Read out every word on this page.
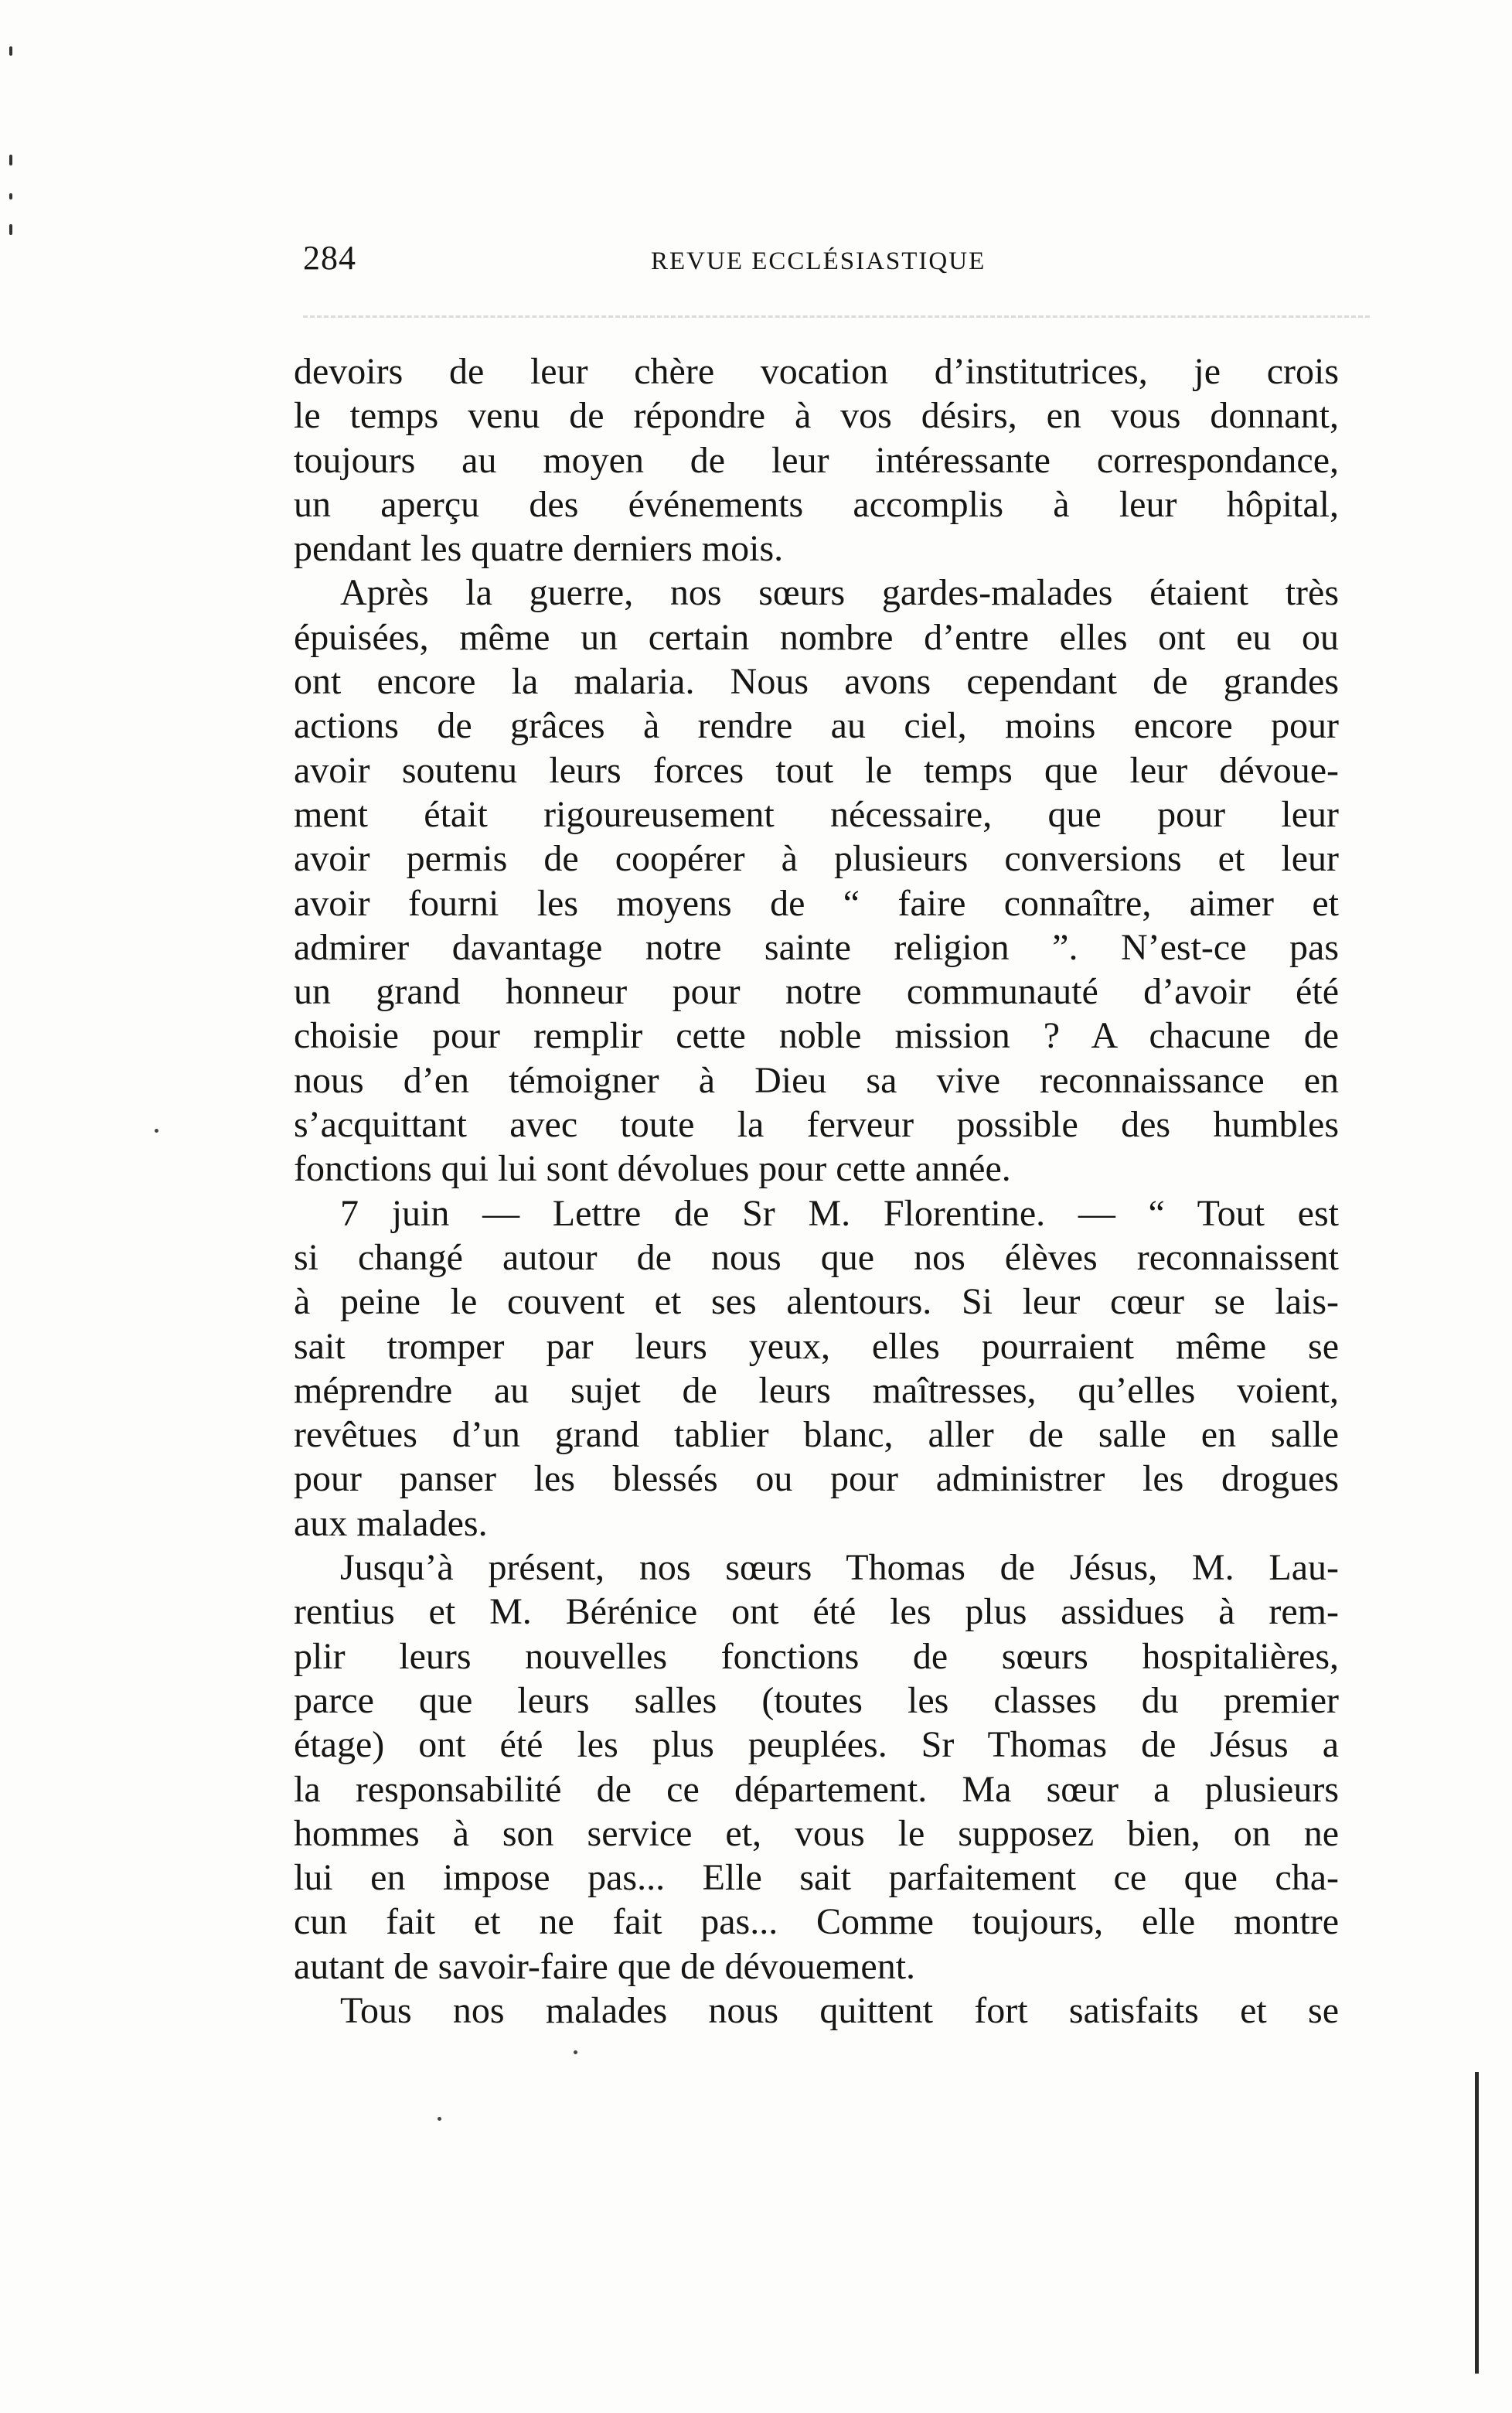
284	REVUE ECCLÉSIASTIQUE
devoirs de leur chère vocation d’institutrices, je crois
le temps venu de répondre à vos désirs, en vous donnant,
toujours au moyen de leur intéressante correspondance,
un aperçu des événements accomplis à leur hôpital,
pendant les quatre derniers mois.
Après la guerre, nos sœurs gardes-malades étaient très
épuisées, même un certain nombre d’entre elles ont eu ou
ont encore la malaria. Nous avons cependant de grandes
actions de grâces à rendre au ciel, moins encore pour
avoir soutenu leurs forces tout le temps que leur dévoue-
ment était rigoureusement nécessaire, que pour leur
avoir permis de coopérer à plusieurs conversions et leur
avoir fourni les moyens de “ faire connaître, aimer et
admirer davantage notre sainte religion ”. N’est-ce pas
un grand honneur pour notre communauté d’avoir été
choisie pour remplir cette noble mission ? A chacune de
nous d’en témoigner à Dieu sa vive reconnaissance en
s’acquittant avec toute la ferveur possible des humbles
fonctions qui lui sont dévolues pour cette année.
7 juin — Lettre de Sr M. Florentine. — “ Tout est
si changé autour de nous que nos élèves reconnaissent
à peine le couvent et ses alentours. Si leur cœur se lais-
sait tromper par leurs yeux, elles pourraient même se
méprendre au sujet de leurs maîtresses, qu’elles voient,
revêtues d’un grand tablier blanc, aller de salle en salle
pour panser les blessés ou pour administrer les drogues
aux malades.
Jusqu’à présent, nos sœurs Thomas de Jésus, M. Lau-
rentius et M. Bérénice ont été les plus assidues à rem-
plir leurs nouvelles fonctions de sœurs hospitalières,
parce que leurs salles (toutes les classes du premier
étage) ont été les plus peuplées. Sr Thomas de Jésus a
la responsabilité de ce département. Ma sœur a plusieurs
hommes à son service et, vous le supposez bien, on ne
lui en impose pas... Elle sait parfaitement ce que cha-
cun fait et ne fait pas... Comme toujours, elle montre
autant de savoir-faire que de dévouement.
Tous nos malades nous quittent fort satisfaits et se
